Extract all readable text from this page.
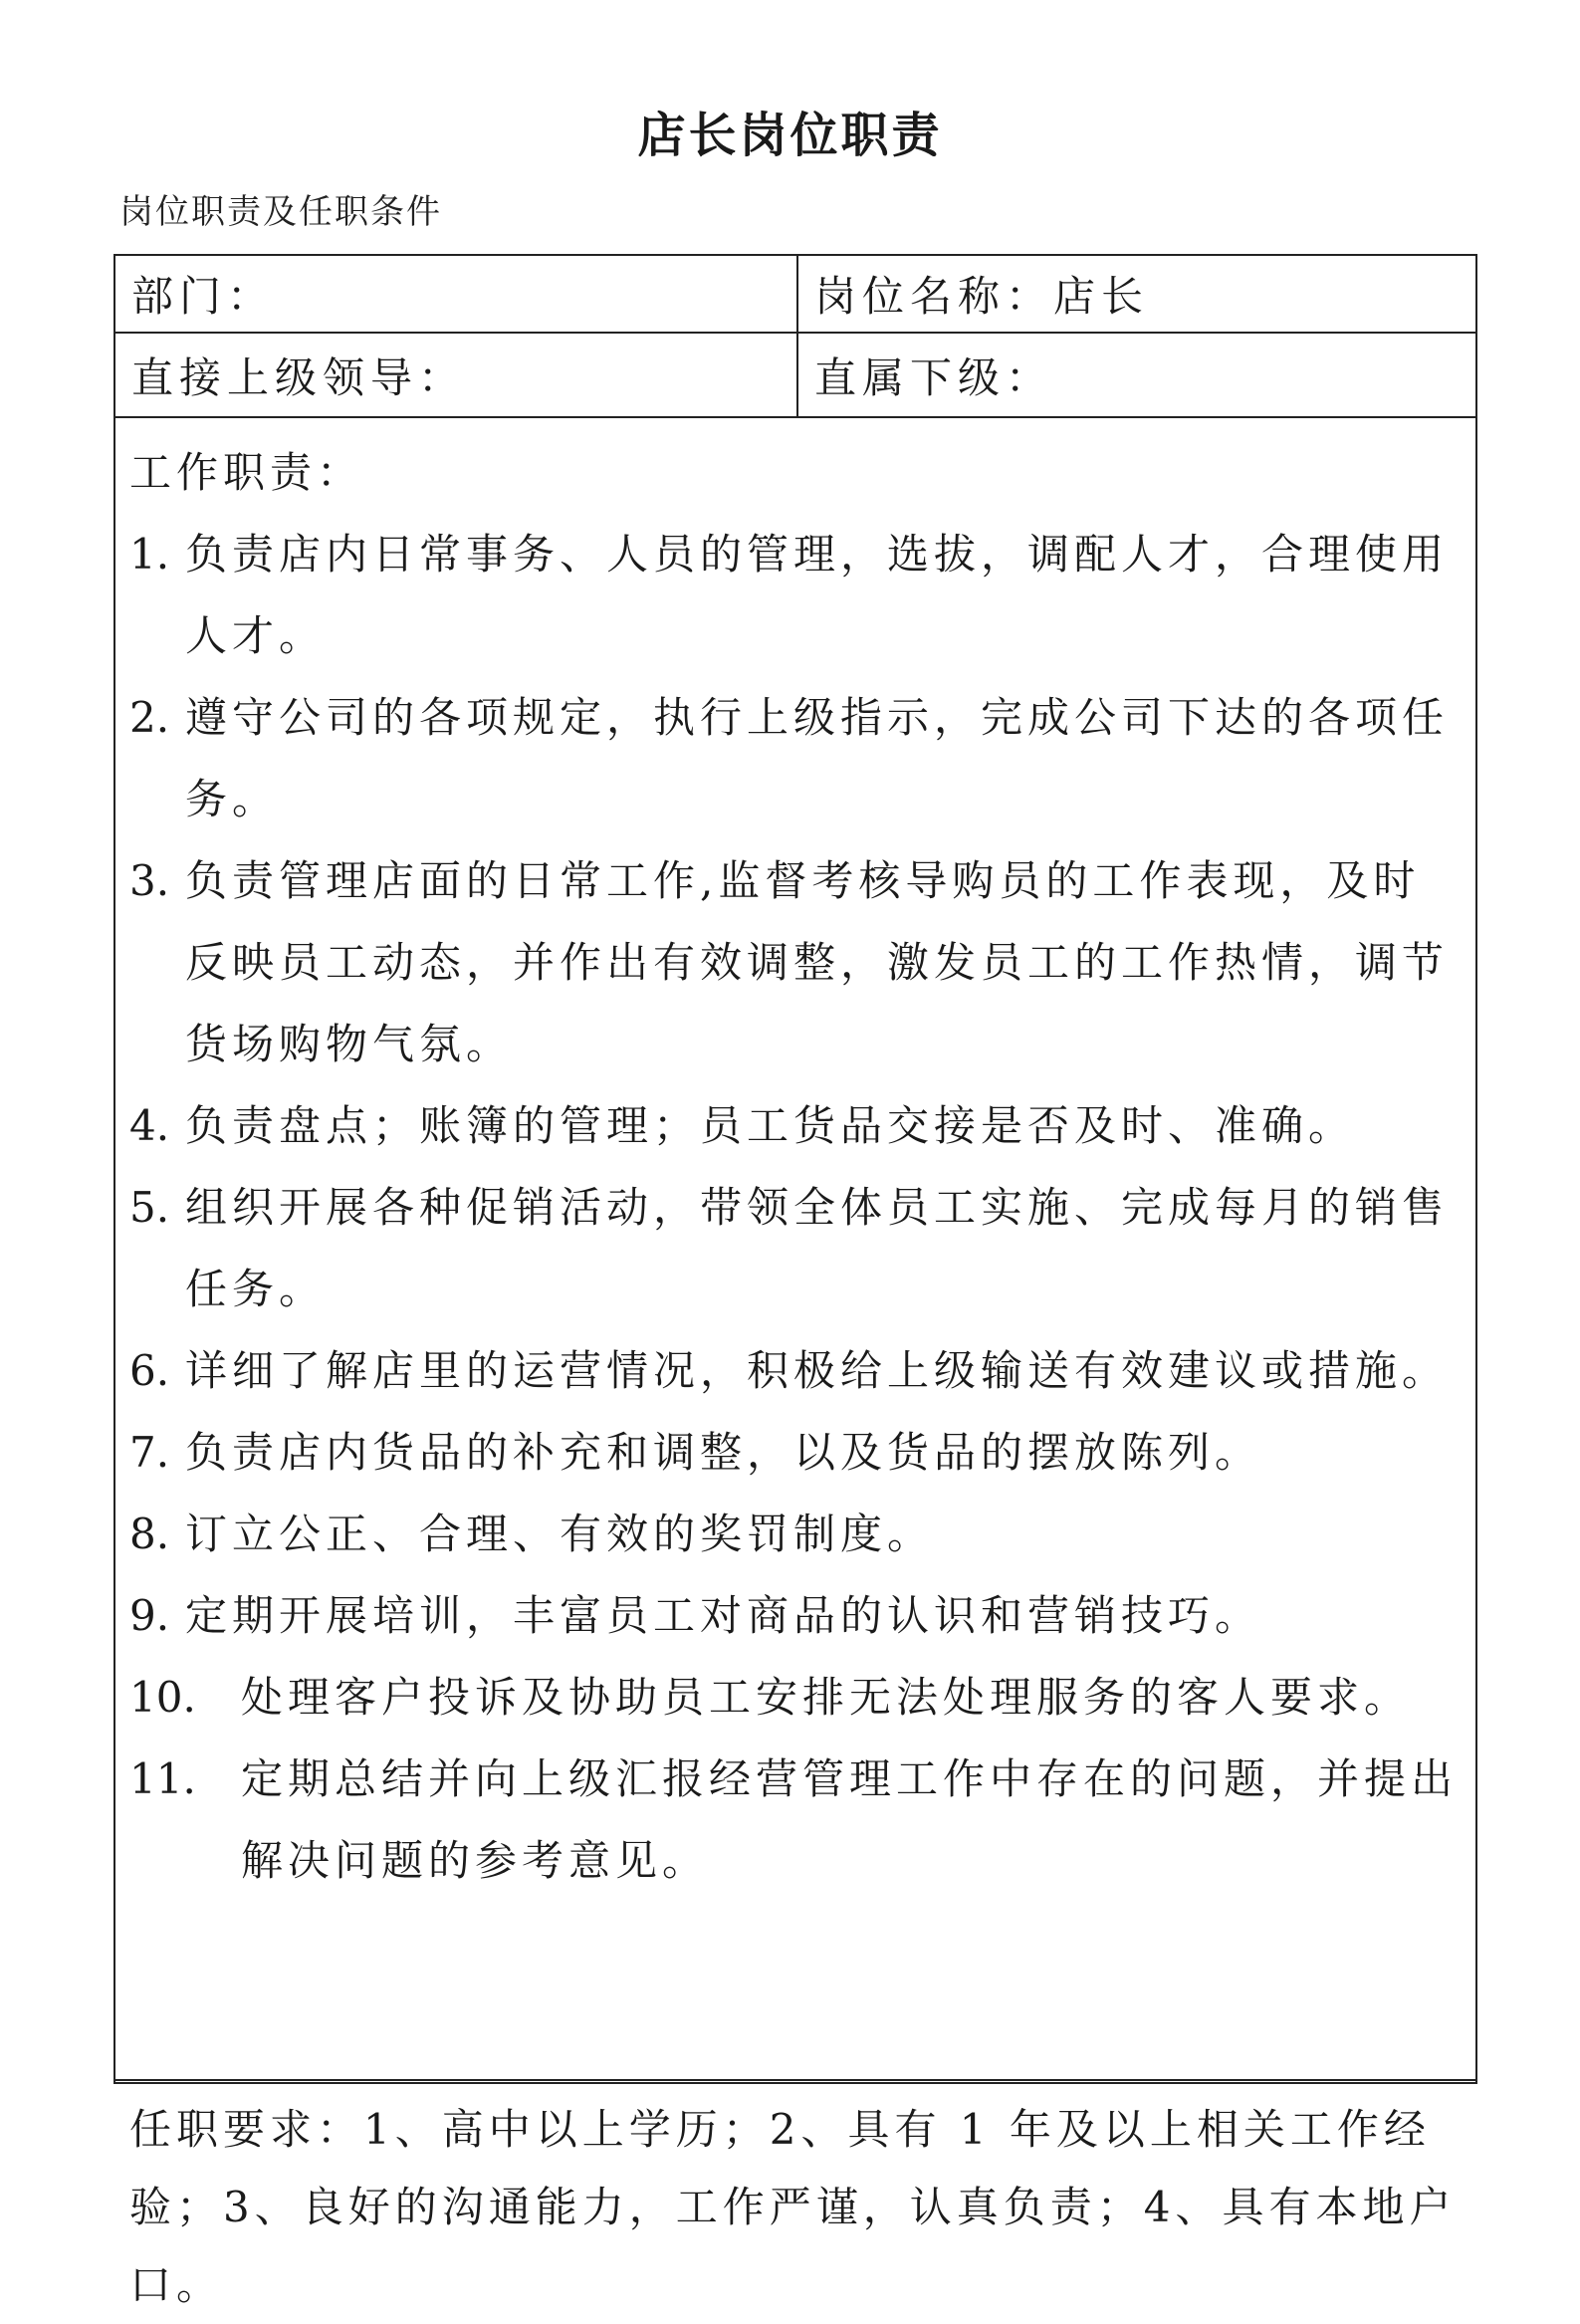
店长岗位职责
岗位职责及任职条件
部门：	岗位名称：店长
直接上级领导：	直属下级：
工作职责：
1. 负责店内日常事务、人员的管理，选拔，调配人才，合理使用人才。
2. 遵守公司的各项规定，执行上级指示，完成公司下达的各项任务。
3. 负责管理店面的日常工作,监督考核导购员的工作表现，及时反映员工动态，并作出有效调整，激发员工的工作热情，调节货场购物气氛。
4. 负责盘点；账簿的管理；员工货品交接是否及时、准确。
5. 组织开展各种促销活动，带领全体员工实施、完成每月的销售任务。
6. 详细了解店里的运营情况，积极给上级输送有效建议或措施。
7. 负责店内货品的补充和调整，以及货品的摆放陈列。
8. 订立公正、合理、有效的奖罚制度。
9. 定期开展培训，丰富员工对商品的认识和营销技巧。
10. 处理客户投诉及协助员工安排无法处理服务的客人要求。
11. 定期总结并向上级汇报经营管理工作中存在的问题，并提出解决问题的参考意见。
任职要求：1、高中以上学历；2、具有 1 年及以上相关工作经验；3、良好的沟通能力，工作严谨，认真负责；4、具有本地户口。
